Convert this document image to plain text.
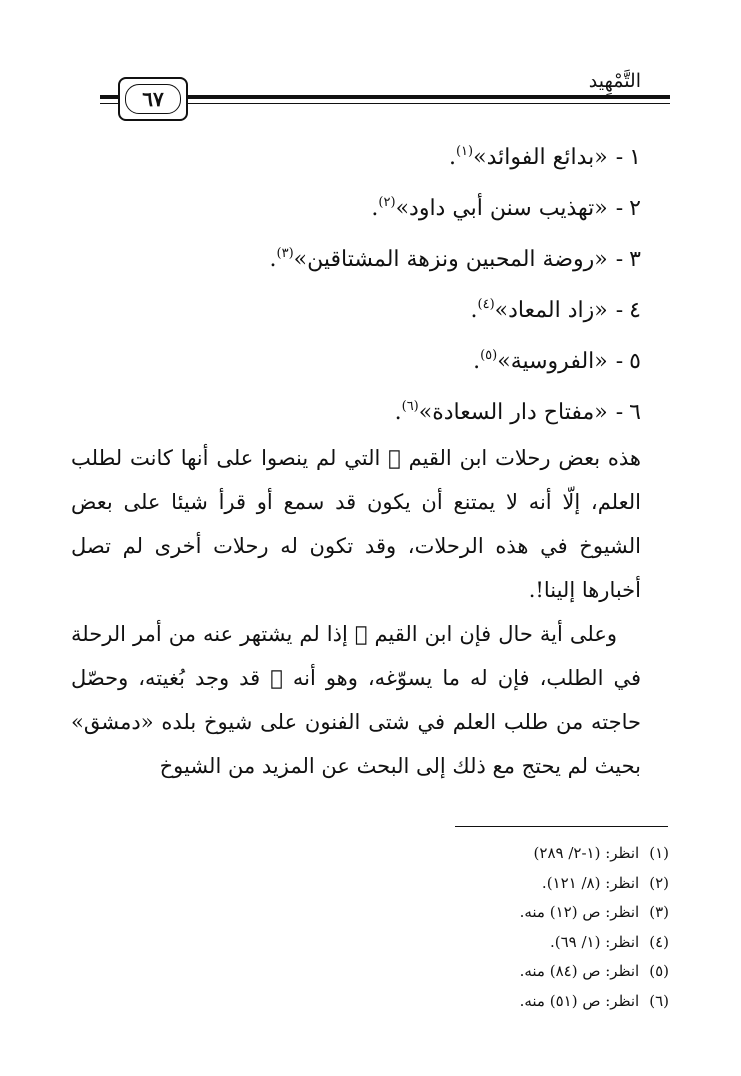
التَّمْهِيد
٦٧
١-«بدائع الفوائد»$^{(١)}$.
٢-«تهذيب سنن أبي داود»$^{(٢)}$.
٣-«روضة المحبين ونزهة المشتاقين»$^{(٣)}$.
٤-«زاد المعاد»$^{(٤)}$.
٥-«الفروسية»$^{(٥)}$.
٦-«مفتاح دار السعادة»$^{(٦)}$.

هذه بعض رحلات ابن القيم ﷬ التي لم ينصوا على أنها كانت لطلب العلم، إلّا أنه لا يمتنع أن يكون قد سمع أو قرأ شيئا على بعض الشيوخ في هذه الرحلات، وقد تكون له رحلات أخرى لم تصل أخبارها إلينا!.

وعلى أية حال فإن ابن القيم ﷬ إذا لم يشتهر عنه من أمر الرحلة في الطلب، فإن له ما يسوّغه، وهو أنه ﷬ قد وجد بُغيته، وحصّل حاجته من طلب العلم في شتى الفنون على شيوخ بلده «دمشق» بحيث لم يحتج مع ذلك إلى البحث عن المزيد من الشيوخ

(١)انظر: (١-٢/ ٢٨٩)
(٢)انظر: (٨/ ١٢١).
(٣)انظر: ص (١٢) منه.
(٤)انظر: (١/ ٦٩).
(٥)انظر: ص (٨٤) منه.
(٦)انظر: ص (٥١) منه.
